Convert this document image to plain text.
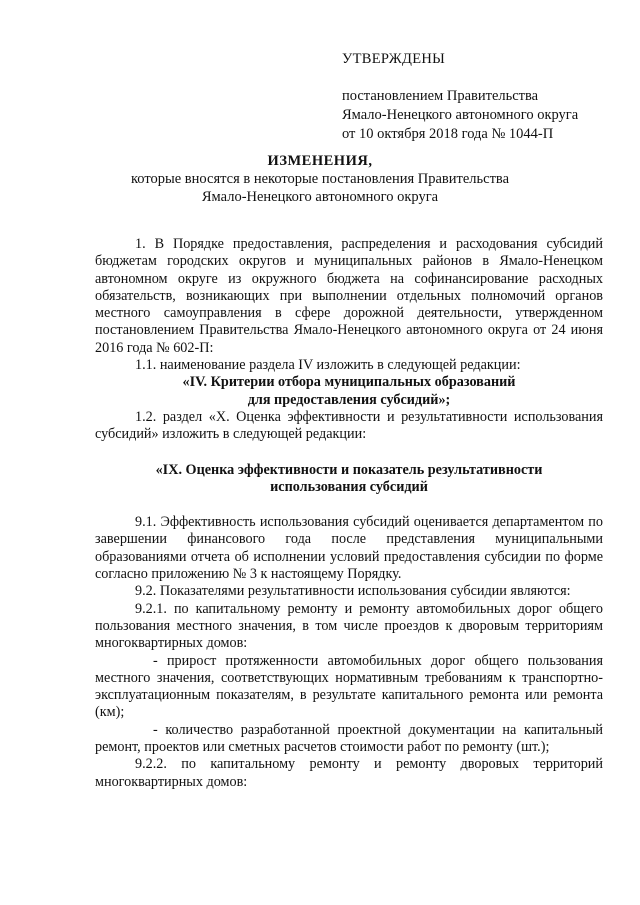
УТВЕРЖДЕНЫ
постановлением Правительства
Ямало-Ненецкого автономного округа
от 10 октября 2018 года № 1044-П
ИЗМЕНЕНИЯ,
которые вносятся в некоторые постановления Правительства
Ямало-Ненецкого автономного округа

1. В Порядке предоставления, распределения и расходования субсидий бюджетам городских округов и муниципальных районов в Ямало-Ненецком автономном округе из окружного бюджета на софинансирование расходных обязательств, возникающих при выполнении отдельных полномочий органов местного самоуправления в сфере дорожной деятельности, утвержденном постановлением Правительства Ямало-Ненецкого автономного округа от 24 июня 2016 года № 602-П:

1.1. наименование раздела IV изложить в следующей редакции:

«IV. Критерии отбора муниципальных образований

для предоставления субсидий»;

1.2. раздел «X. Оценка эффективности и результативности использования субсидий» изложить в следующей редакции:

«IX. Оценка эффективности и показатель результативности

использования субсидий

9.1. Эффективность использования субсидий оценивается департаментом по завершении финансового года после представления муниципальными образованиями отчета об исполнении условий предоставления субсидии по форме согласно приложению № 3 к настоящему Порядку.

9.2. Показателями результативности использования субсидии являются:

9.2.1. по капитальному ремонту и ремонту автомобильных дорог общего пользования местного значения, в том числе проездов к дворовым территориям многоквартирных домов:

- прирост протяженности автомобильных дорог общего пользования местного значения, соответствующих нормативным требованиям к транспортно-эксплуатационным показателям, в результате капитального ремонта или ремонта (км);

- количество разработанной проектной документации на капитальный ремонт, проектов или сметных расчетов стоимости работ по ремонту (шт.);

9.2.2. по капитальному ремонту и ремонту дворовых территорий многоквартирных домов:
